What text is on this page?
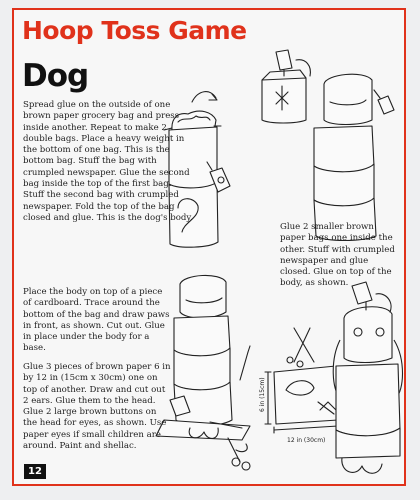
Hoop Toss Game
Dog
6 in (15cm)
12 in (30cm)

Spread glue on the outside of one brown paper grocery bag and press inside another. Repeat to make 2 double bags. Place a heavy weight in the bottom of one bag. This is the bottom bag. Stuff the bag with crumpled newspaper. Glue the second bag inside the top of the first bag. Stuff the second bag with crumpled newspaper. Fold the top of the bag closed and glue. This is the dog's body.

Glue 2 smaller brown paper bags one inside the other. Stuff with crumpled newspaper and glue closed. Glue on top of the body, as shown.

Place the body on top of a piece of cardboard. Trace around the bottom of the bag and draw paws in front, as shown. Cut out. Glue in place under the body for a base.

Glue 3 pieces of brown paper 6 in by 12 in (15cm x 30cm) one on top of another. Draw and cut out 2 ears. Glue them to the head. Glue 2 large brown buttons on the head for eyes, as shown. Use paper eyes if small children are around. Paint and shellac.

12
